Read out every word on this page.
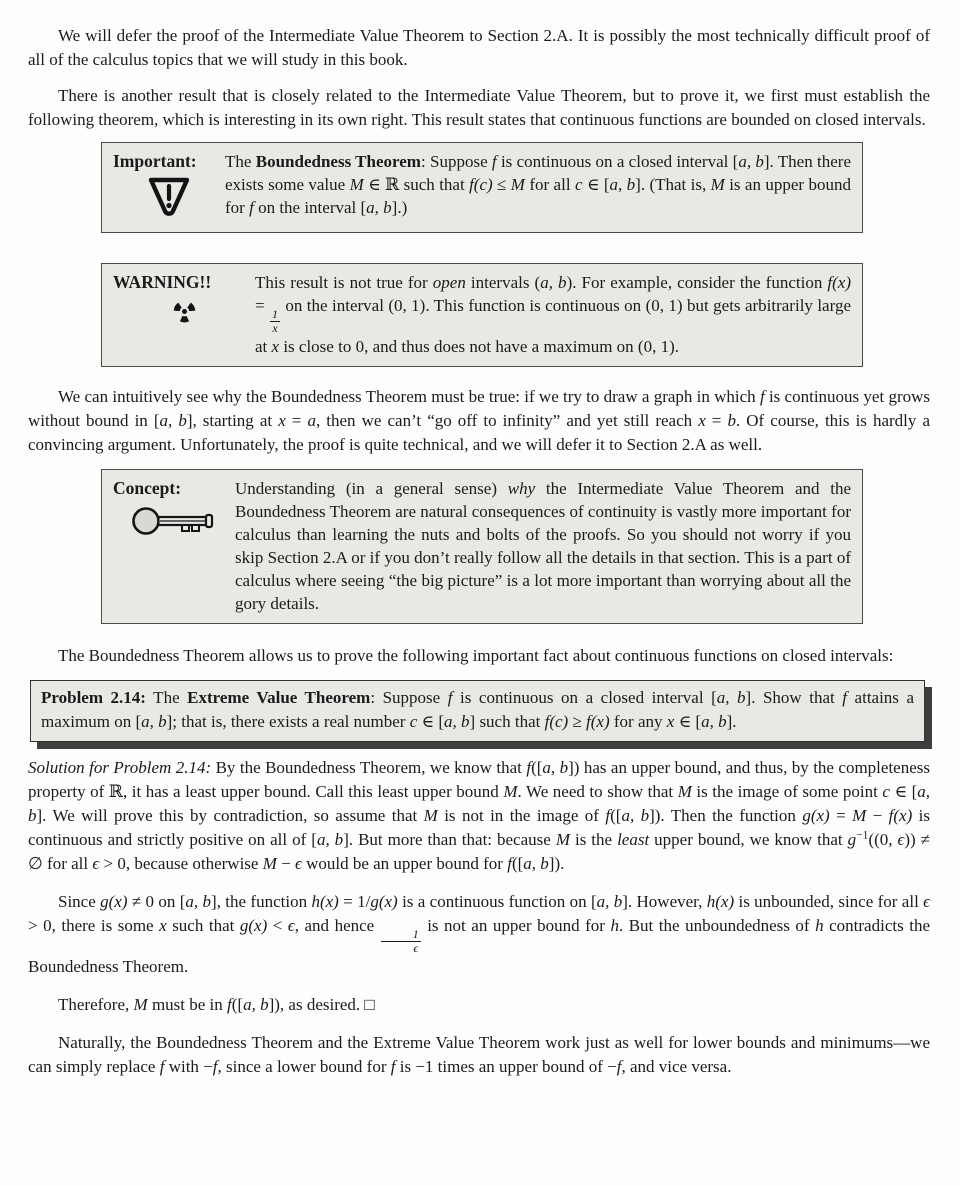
We will defer the proof of the Intermediate Value Theorem to Section 2.A. It is possibly the most technically difficult proof of all of the calculus topics that we will study in this book.

There is another result that is closely related to the Intermediate Value Theorem, but to prove it, we first must establish the following theorem, which is interesting in its own right. This result states that continuous functions are bounded on closed intervals.

Important: The Boundedness Theorem: Suppose f is continuous on a closed interval [a, b]. Then there exists some value M ∈ ℝ such that f(c) ≤ M for all c ∈ [a, b]. (That is, M is an upper bound for f on the interval [a, b].)
WARNING!!	This result is not true for open intervals (a, b). For example, consider the function f(x) =
$\frac{1}{x}$
on the interval (0, 1). This function is continuous on (0, 1) but gets arbitrarily large at x is close to 0, and thus does not have a maximum on (0, 1).

We can intuitively see why the Boundedness Theorem must be true: if we try to draw a graph in which f is continuous yet grows without bound in [a, b], starting at x = a, then we can’t “go off to infinity” and yet still reach x = b. Of course, this is hardly a convincing argument. Unfortunately, the proof is quite technical, and we will defer it to Section 2.A as well.

Concept:	Understanding (in a general sense) why the Intermediate Value Theorem and the Boundedness Theorem are natural consequences of continuity is vastly more important for calculus than learning the nuts and bolts of the proofs. So you should not worry if you skip Section 2.A or if you don’t really follow all the details in that section. This is a part of calculus where seeing “the big picture” is a lot more important than worrying about all the gory details.

The Boundedness Theorem allows us to prove the following important fact about continuous functions on closed intervals:

Problem 2.14: The Extreme Value Theorem: Suppose f is continuous on a closed interval [a, b]. Show that f attains a maximum on [a, b]; that is, there exists a real number c ∈ [a, b] such that f(c) ≥ f(x) for any x ∈ [a, b].

Solution for Problem 2.14: By the Boundedness Theorem, we know that f([a, b]) has an upper bound, and thus, by the completeness property of ℝ, it has a least upper bound. Call this least upper bound M. We need to show that M is the image of some point c ∈ [a, b]. We will prove this by contradiction, so assume that M is not in the image of f([a, b]). Then the function g(x) = M − f(x) is continuous and strictly positive on all of [a, b]. But more than that: because M is the least upper bound, we know that $g^{-1}((0$, ϵ)) ≠ ∅ for all ϵ > 0, because otherwise M − ϵ would be an upper bound for f([a, b]).

Since g(x) ≠ 0 on [a, b], the function h(x) = 1/g(x) is a continuous function on [a, b]. However, h(x) is unbounded, since for all ϵ > 0, there is some x such that g(x) < ϵ, and hence
$\frac{1}{\epsilon}$
is not an upper bound for h. But the unboundedness of h contradicts the Boundedness Theorem.

Therefore, M must be in f([a, b]), as desired. □

Naturally, the Boundedness Theorem and the Extreme Value Theorem work just as well for lower bounds and minimums—we can simply replace f with −f, since a lower bound for f is −1 times an upper bound of −f, and vice versa.
